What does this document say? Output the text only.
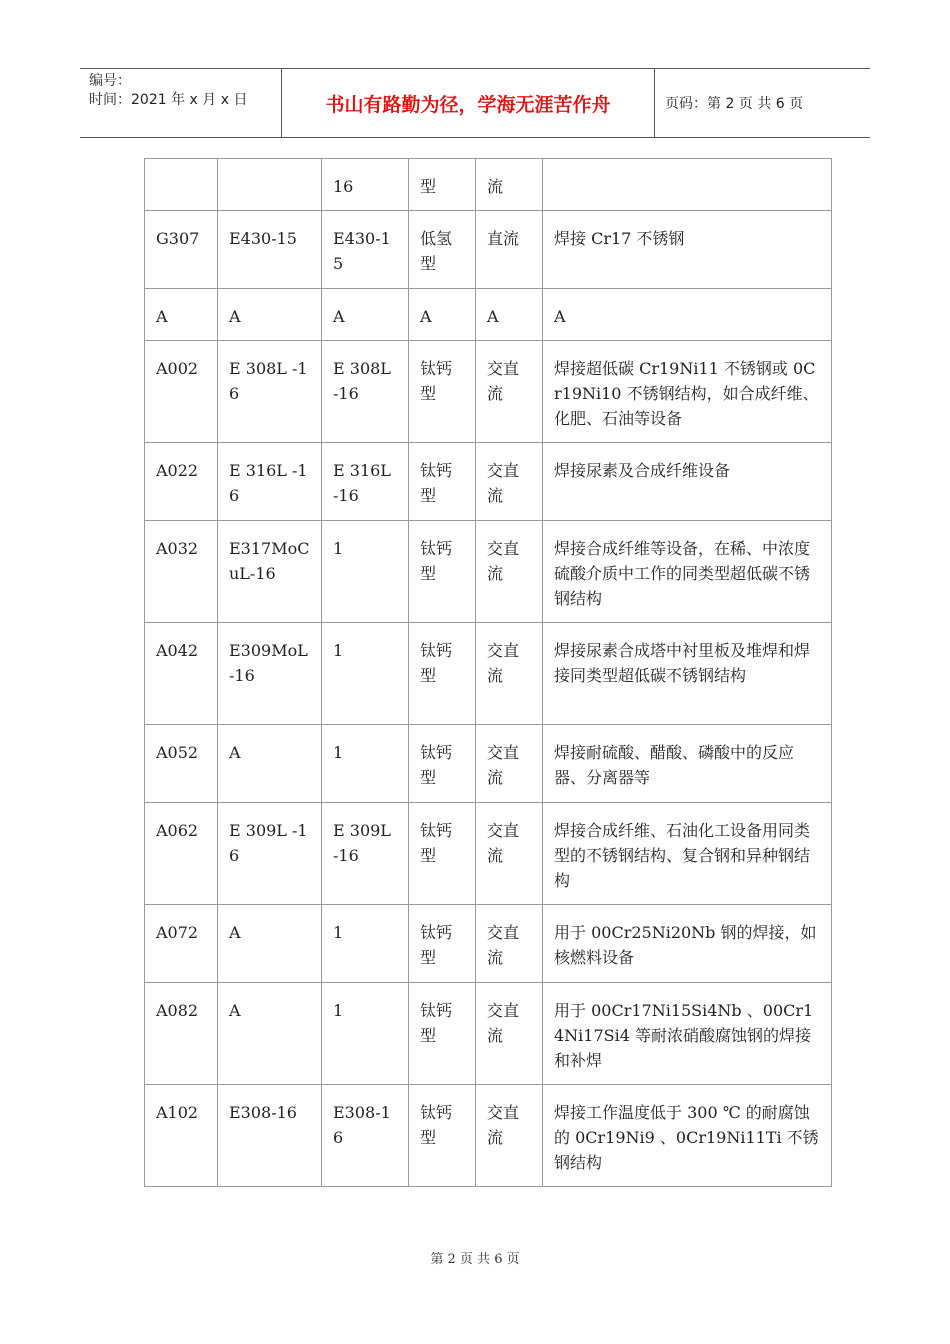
编号：
时间：2021 年 x 月 x 日	书山有路勤为径，学海无涯苦作舟	页码：第 2 页 共 6 页
		16	型	流	
G307	E430-15	E430-15	低氢型	直流	焊接 Cr17 不锈钢
A	A	A	A	A	A
A002	E 308L -16	E 308L -16	钛钙型	交直流	焊接超低碳 Cr19Ni11 不锈钢或 0Cr19Ni10 不锈钢结构，如合成纤维、化肥、石油等设备
A022	E 316L -16	E 316L -16	钛钙型	交直流	焊接尿素及合成纤维设备
A032	E317MoCuL-16	1	钛钙型	交直流	焊接合成纤维等设备，在稀、中浓度硫酸介质中工作的同类型超低碳不锈钢结构
A042	E309MoL-16	1	钛钙型	交直流	焊接尿素合成塔中衬里板及堆焊和焊接同类型超低碳不锈钢结构
A052	A	1	钛钙型	交直流	焊接耐硫酸、醋酸、磷酸中的反应器、分离器等
A062	E 309L -16	E 309L -16	钛钙型	交直流	焊接合成纤维、石油化工设备用同类型的不锈钢结构、复合钢和异种钢结构
A072	A	1	钛钙型	交直流	用于 00Cr25Ni20Nb 钢的焊接，如核燃料设备
A082	A	1	钛钙型	交直流	用于 00Cr17Ni15Si4Nb 、00Cr14Ni17Si4 等耐浓硝酸腐蚀钢的焊接和补焊
A102	E308-16	E308-16	钛钙型	交直流	焊接工作温度低于 300 ℃ 的耐腐蚀的 0Cr19Ni9 、0Cr19Ni11Ti 不锈钢结构
第 2 页 共 6 页
